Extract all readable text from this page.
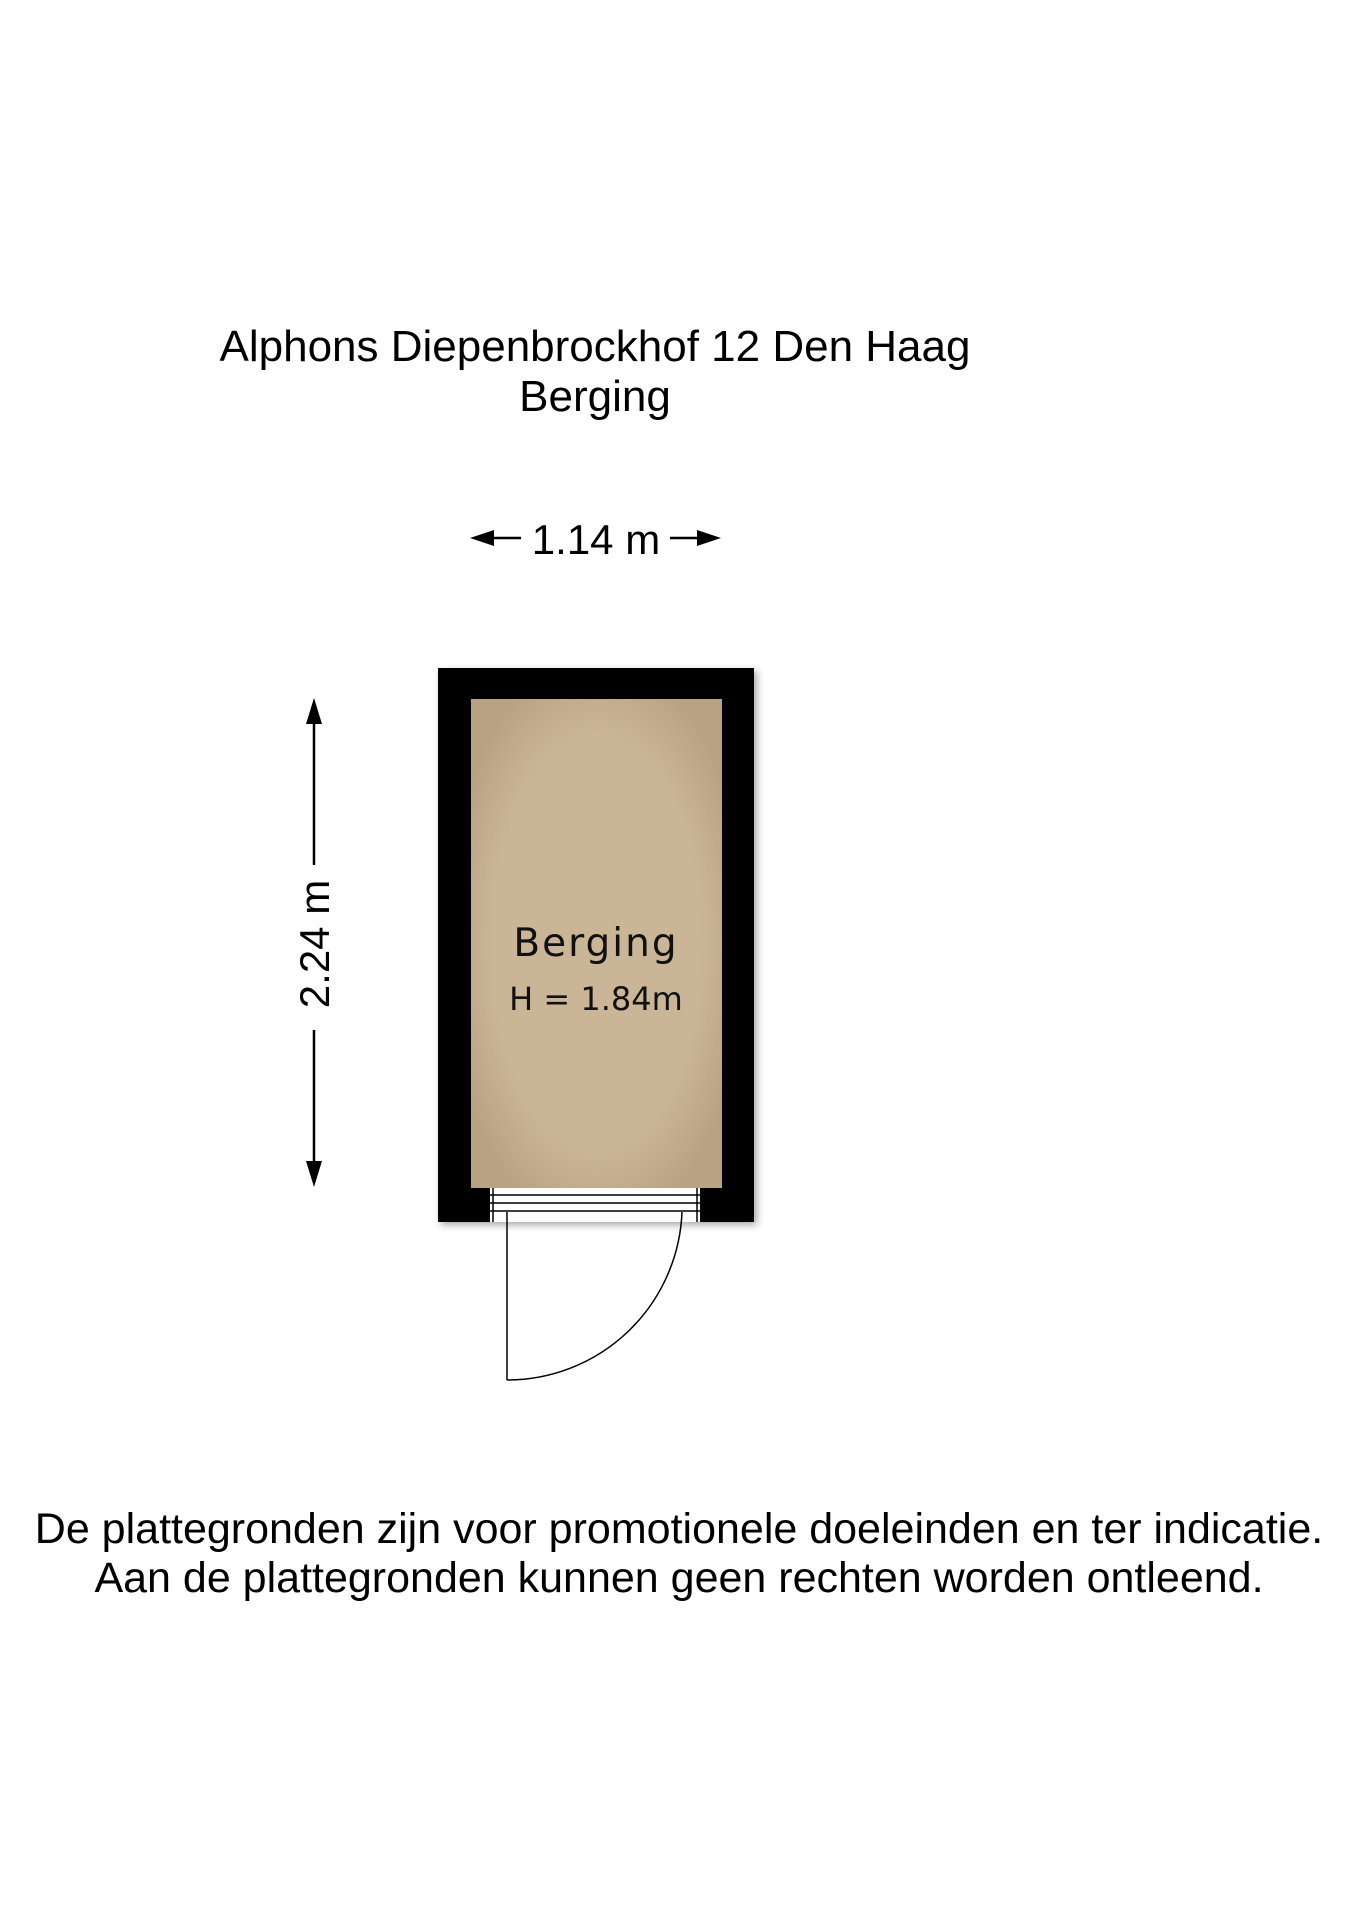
Alphons Diepenbrockhof 12 Den Haag
Berging
1.14 m
2.24 m	Berging
H = 1.84m
De plattegronden zijn voor promotionele doeleinden en ter indicatie.
Aan de plattegronden kunnen geen rechten worden ontleend.
